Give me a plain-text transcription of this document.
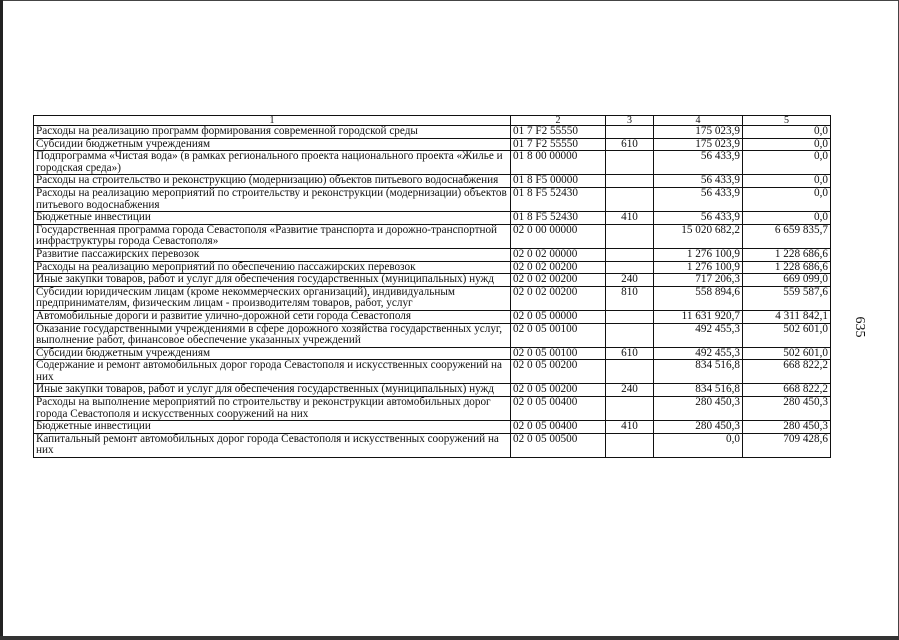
1	2	3	4	5
Расходы на реализацию программ формирования современной городской среды	01 7 F2 55550		175 023,9	0,0
Субсидии бюджетным учреждениям	01 7 F2 55550	610	175 023,9	0,0
Подпрограмма «Чистая вода» (в рамках регионального проекта национального проекта «Жилье и городская среда»)	01 8 00 00000		56 433,9	0,0
Расходы на строительство и реконструкцию (модернизацию) объектов питьевого водоснабжения	01 8 F5 00000		56 433,9	0,0
Расходы на реализацию мероприятий по строительству и реконструкции (модернизации) объектов питьевого водоснабжения	01 8 F5 52430		56 433,9	0,0
Бюджетные инвестиции	01 8 F5 52430	410	56 433,9	0,0
Государственная программа города Севастополя «Развитие транспорта и дорожно-транспортной инфраструктуры города Севастополя»	02 0 00 00000		15 020 682,2	6 659 835,7
Развитие пассажирских перевозок	02 0 02 00000		1 276 100,9	1 228 686,6
Расходы на реализацию мероприятий по обеспечению пассажирских перевозок	02 0 02 00200		1 276 100,9	1 228 686,6
Иные закупки товаров, работ и услуг для обеспечения государственных (муниципальных) нужд	02 0 02 00200	240	717 206,3	669 099,0
Субсидии юридическим лицам (кроме некоммерческих организаций), индивидуальным предпринимателям, физическим лицам - производителям товаров, работ, услуг	02 0 02 00200	810	558 894,6	559 587,6
Автомобильные дороги и развитие улично-дорожной сети города Севастополя	02 0 05 00000		11 631 920,7	4 311 842,1
Оказание государственными учреждениями в сфере дорожного хозяйства государственных услуг, выполнение работ, финансовое обеспечение указанных учреждений	02 0 05 00100		492 455,3	502 601,0
Субсидии бюджетным учреждениям	02 0 05 00100	610	492 455,3	502 601,0
Содержание и ремонт автомобильных дорог города Севастополя и искусственных сооружений на них	02 0 05 00200		834 516,8	668 822,2
Иные закупки товаров, работ и услуг для обеспечения государственных (муниципальных) нужд	02 0 05 00200	240	834 516,8	668 822,2
Расходы на выполнение мероприятий по строительству и реконструкции автомобильных дорог города Севастополя и искусственных сооружений на них	02 0 05 00400		280 450,3	280 450,3
Бюджетные инвестиции	02 0 05 00400	410	280 450,3	280 450,3
Капитальный ремонт автомобильных дорог города Севастополя и искусственных сооружений на них	02 0 05 00500		0,0	709 428,6
635
